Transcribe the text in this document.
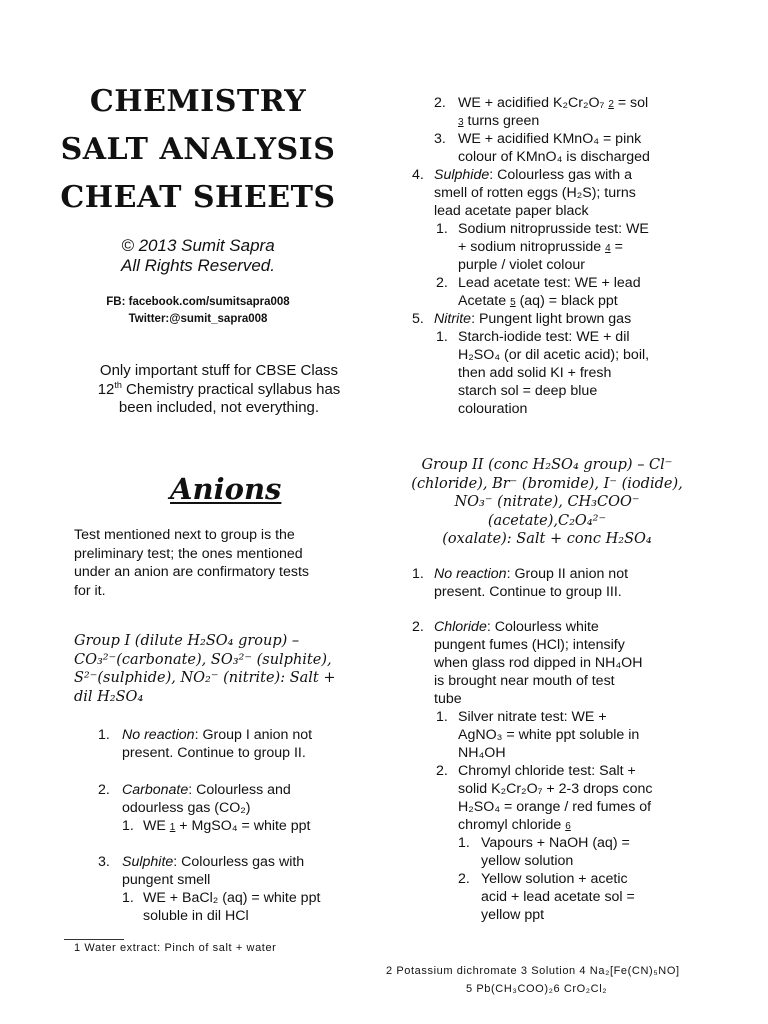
CHEMISTRY
SALT ANALYSIS
CHEAT SHEETS
© 2013 Sumit Sapra
All Rights Reserved.
FB: facebook.com/sumitsapra008
Twitter:@sumit_sapra008
Only important stuff for CBSE Class
12th Chemistry practical syllabus has
been included, not everything.
Anions
Test mentioned next to group is the
preliminary test; the ones mentioned
under an anion are confirmatory tests
for it.
Group I (dilute H₂SO₄ group) –
CO₃²⁻(carbonate), SO₃²⁻ (sulphite),
S²⁻(sulphide), NO₂⁻ (nitrite): Salt +
dil H₂SO₄
1. No reaction: Group I anion not
present. Continue to group II.
2. Carbonate: Colourless and
odourless gas (CO₂)
1. WE 1 + MgSO₄ = white ppt
3. Sulphite: Colourless gas with
pungent smell
1. WE + BaCl₂ (aq) = white ppt
soluble in dil HCl
2. WE + acidified K₂Cr₂O₇ 2 = sol
3 turns green
3. WE + acidified KMnO₄ = pink
colour of KMnO₄ is discharged
4. Sulphide: Colourless gas with a
smell of rotten eggs (H₂S); turns
lead acetate paper black
1. Sodium nitroprusside test: WE
+ sodium nitroprusside 4 =
purple / violet colour
2. Lead acetate test: WE + lead
Acetate 5 (aq) = black ppt
5. Nitrite: Pungent light brown gas
1. Starch-iodide test: WE + dil
H₂SO₄ (or dil acetic acid); boil,
then add solid KI + fresh
starch sol = deep blue
colouration
Group II (conc H₂SO₄ group) – Cl⁻
(chloride), Br⁻ (bromide), I⁻ (iodide),
NO₃⁻ (nitrate), CH₃COO⁻
(acetate),C₂O₄²⁻
(oxalate): Salt + conc H₂SO₄
1. No reaction: Group II anion not
present. Continue to group III.
2. Chloride: Colourless white
pungent fumes (HCl); intensify
when glass rod dipped in NH₄OH
is brought near mouth of test
tube
1. Silver nitrate test: WE +
AgNO₃ = white ppt soluble in
NH₄OH
2. Chromyl chloride test: Salt +
solid K₂Cr₂O₇ + 2-3 drops conc
H₂SO₄ = orange / red fumes of
chromyl chloride 6
1. Vapours + NaOH (aq) =
yellow solution
2. Yellow solution + acetic
acid + lead acetate sol =
yellow ppt
1 Water extract: Pinch of salt + water
2 Potassium dichromate 3 Solution 4 Na₂[Fe(CN)₅NO]
5 Pb(CH₃COO)₂6 CrO₂Cl₂
